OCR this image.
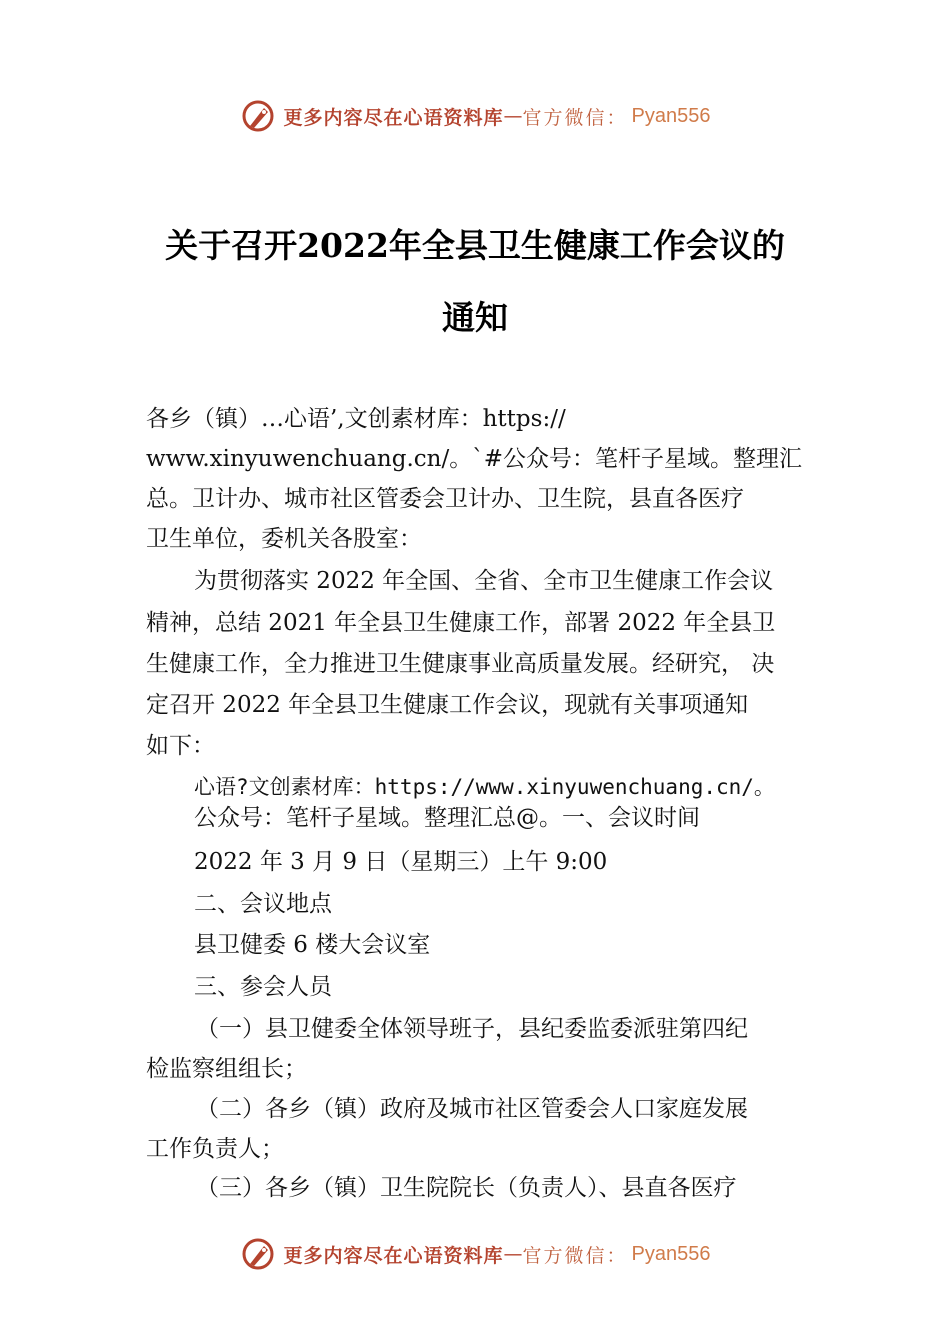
更多内容尽在心语资料库 — 官方微信： Pyan556
关于召开2022年全县卫生健康工作会议的
通知
各乡（镇）…心语’,文创素材库：https://
www.xinyuwenchuang.cn/。`#公众号：笔杆子星域。整理汇
总。卫计办、城市社区管委会卫计办、卫生院，县直各医疗
卫生单位，委机关各股室：
为贯彻落实 2022 年全国、全省、全市卫生健康工作会议
精神，总结 2021 年全县卫生健康工作，部署 2022 年全县卫
生健康工作，全力推进卫生健康事业高质量发展。经研究， 决
定召开 2022 年全县卫生健康工作会议，现就有关事项通知
如下：
心语?文创素材库：https://www.xinyuwenchuang.cn/。
公众号：笔杆子星域。整理汇总@。一、会议时间
2022 年 3 月 9 日（星期三）上午 9:00
二、会议地点
县卫健委 6 楼大会议室
三、参会人员
（一）县卫健委全体领导班子，县纪委监委派驻第四纪
检监察组组长；
（二）各乡（镇）政府及城市社区管委会人口家庭发展
工作负责人；
（三）各乡（镇）卫生院院长（负责人）、县直各医疗
更多内容尽在心语资料库 — 官方微信： Pyan556
